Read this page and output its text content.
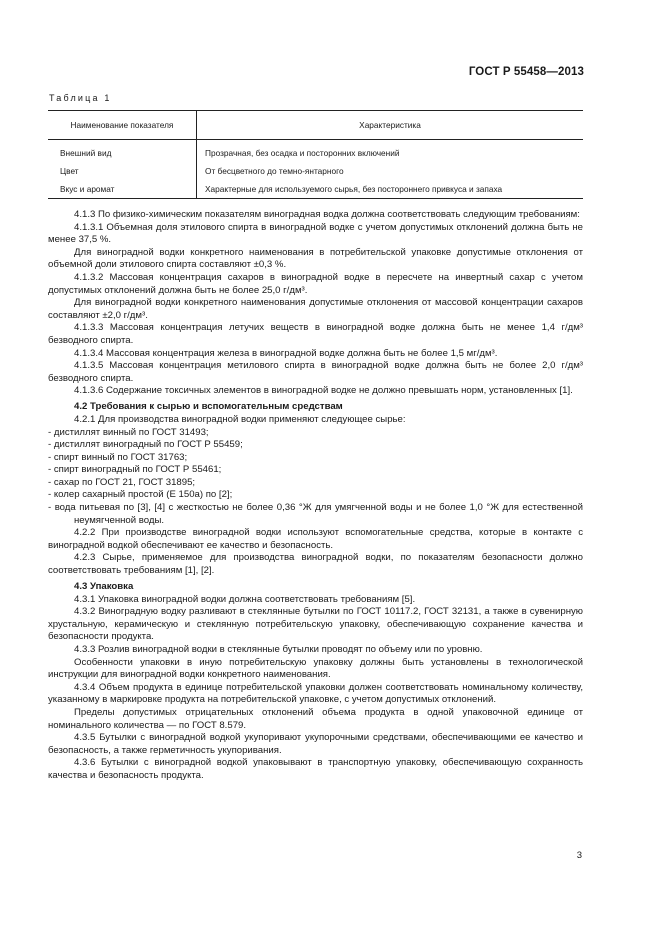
ГОСТ Р 55458—2013
Таблица 1
Наименование показателя	Характеристика
Внешний вид	Прозрачная, без осадка и посторонних включений
Цвет	От бесцветного до темно-янтарного
Вкус и аромат	Характерные для используемого сырья, без постороннего привкуса и запаха

4.1.3 По физико-химическим показателям виноградная водка должна соответствовать следующим требованиям:

4.1.3.1 Объемная доля этилового спирта в виноградной водке с учетом допустимых отклонений должна быть не менее 37,5 %.

Для виноградной водки конкретного наименования в потребительской упаковке допустимые отклонения от объемной доли этилового спирта составляют ±0,3 %.

4.1.3.2 Массовая концентрация сахаров в виноградной водке в пересчете на инвертный сахар с учетом допустимых отклонений должна быть не более 25,0 г/дм³.

Для виноградной водки конкретного наименования допустимые отклонения от массовой концентрации сахаров составляют ±2,0 г/дм³.

4.1.3.3 Массовая концентрация летучих веществ в виноградной водке должна быть не менее 1,4 г/дм³ безводного спирта.

4.1.3.4 Массовая концентрация железа в виноградной водке должна быть не более 1,5 мг/дм³.

4.1.3.5 Массовая концентрация метилового спирта в виноградной водке должна быть не более 2,0 г/дм³ безводного спирта.

4.1.3.6 Содержание токсичных элементов в виноградной водке не должно превышать норм, установленных [1].

4.2 Требования к сырью и вспомогательным средствам

4.2.1 Для производства виноградной водки применяют следующее сырье:

- дистиллят винный по ГОСТ 31493;

- дистиллят виноградный по ГОСТ Р 55459;

- спирт винный по ГОСТ 31763;

- спирт виноградный по ГОСТ Р 55461;

- сахар по ГОСТ 21, ГОСТ 31895;

- колер сахарный простой (Е 150а) по [2];

- вода питьевая по [3], [4] с жесткостью не более 0,36 °Ж для умягченной воды и не более 1,0 °Ж для естественной неумягченной воды.

4.2.2 При производстве виноградной водки используют вспомогательные средства, которые в контакте с виноградной водкой обеспечивают ее качество и безопасность.

4.2.3 Сырье, применяемое для производства виноградной водки, по показателям безопасности должно соответствовать требованиям [1], [2].

4.3 Упаковка

4.3.1 Упаковка виноградной водки должна соответствовать требованиям [5].

4.3.2 Виноградную водку разливают в стеклянные бутылки по ГОСТ 10117.2, ГОСТ 32131, а также в сувенирную хрустальную, керамическую и стеклянную потребительскую упаковку, обеспечивающую сохранение качества и безопасности продукта.

4.3.3 Розлив виноградной водки в стеклянные бутылки проводят по объему или по уровню.

Особенности упаковки в иную потребительскую упаковку должны быть установлены в технологической инструкции для виноградной водки конкретного наименования.

4.3.4 Объем продукта в единице потребительской упаковки должен соответствовать номинальному количеству, указанному в маркировке продукта на потребительской упаковке, с учетом допустимых отклонений.

Пределы допустимых отрицательных отклонений объема продукта в одной упаковочной единице от номинального количества — по ГОСТ 8.579.

4.3.5 Бутылки с виноградной водкой укупоривают укупорочными средствами, обеспечивающими ее качество и безопасность, а также герметичность укупоривания.

4.3.6 Бутылки с виноградной водкой упаковывают в транспортную упаковку, обеспечивающую сохранность качества и безопасность продукта.

3
